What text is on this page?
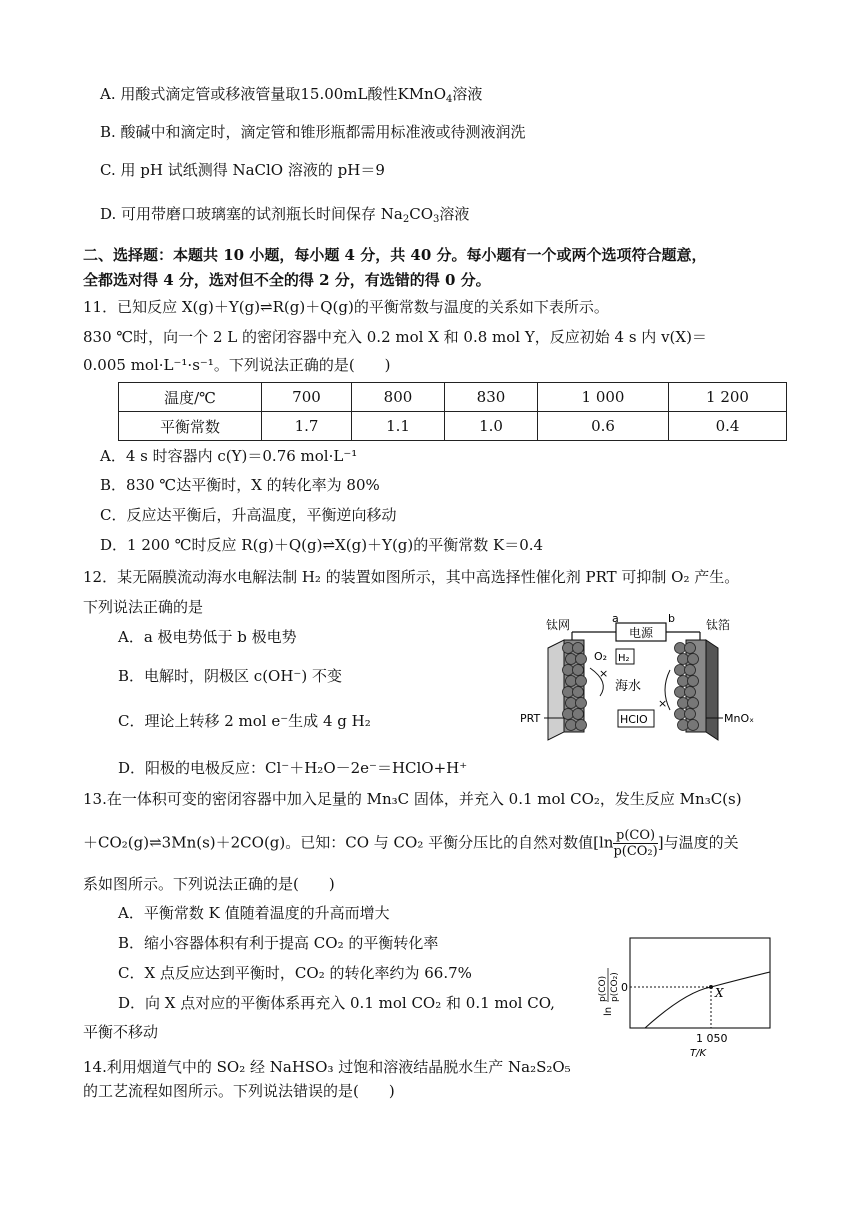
A. 用酸式滴定管或移液管量取15.00mL酸性KMnO$_4$溶液
B. 酸碱中和滴定时，滴定管和锥形瓶都需用标准液或待测液润洗
C. 用 pH 试纸测得 NaClO 溶液的 pH＝9
D. 可用带磨口玻璃塞的试剂瓶长时间保存 $Na_2CO_3$溶液
二、选择题：本题共 10 小题，每小题 4 分，共 40 分。每小题有一个或两个选项符合题意，
全都选对得 4 分，选对但不全的得 2 分，有选错的得 0 分。
11．已知反应 X(g)＋Y(g)⇌R(g)＋Q(g)的平衡常数与温度的关系如下表所示。
830 ℃时，向一个 2 L 的密闭容器中充入 0.2 mol X 和 0.8 mol Y，反应初始 4 s 内 v(X)＝
0.005 mol·L⁻¹·s⁻¹。下列说法正确的是(　　)
温度/℃	700	800	830	1 000	1 200
平衡常数	1.7	1.1	1.0	0.6	0.4
A．4 s 时容器内 c(Y)＝0.76 mol·L⁻¹
B．830 ℃达平衡时，X 的转化率为 80%
C．反应达平衡后，升高温度，平衡逆向移动
D．1 200 ℃时反应 R(g)＋Q(g)⇌X(g)＋Y(g)的平衡常数 K＝0.4
12．某无隔膜流动海水电解法制 H₂ 的装置如图所示，其中高选择性催化剂 PRT 可抑制 O₂ 产生。
下列说法正确的是
A．a 极电势低于 b 极电势
B．电解时，阴极区 c(OH⁻) 不变
C．理论上转移 2 mol e⁻生成 4 g H₂
D．阳极的电极反应：Cl⁻＋H₂O－2e⁻＝HClO+H⁺
电源
a	b
钛网	钛箔
O₂ H₂
×
海水
×
HClO
PRT	MnOₓ
13.在一体积可变的密闭容器中加入足量的 Mn₃C 固体，并充入 0.1 mol CO₂，发生反应 Mn₃C(s)
＋CO₂(g)⇌3Mn(s)＋2CO(g)。已知：CO 与 CO₂ 平衡分压比的自然对数值[$\ln \frac{p(CO)}{\text{p(CO₂)}}$ ]与温度的关
系如图所示。下列说法正确的是(　　)
A．平衡常数 K 值随着温度的升高而增大
B．缩小容器体积有利于提高 CO₂ 的平衡转化率
C．X 点反应达到平衡时，CO₂ 的转化率约为 66.7%
D．向 X 点对应的平衡体系再充入 0.1 mol CO₂ 和 0.1 mol CO,
平衡不移动
X
0
1 050
T/K
ln
p(CO) p(CO₂)
14.利用烟道气中的 SO₂ 经 NaHSO₃ 过饱和溶液结晶脱水生产 Na₂S₂O₅
的工艺流程如图所示。下列说法错误的是(　　)
